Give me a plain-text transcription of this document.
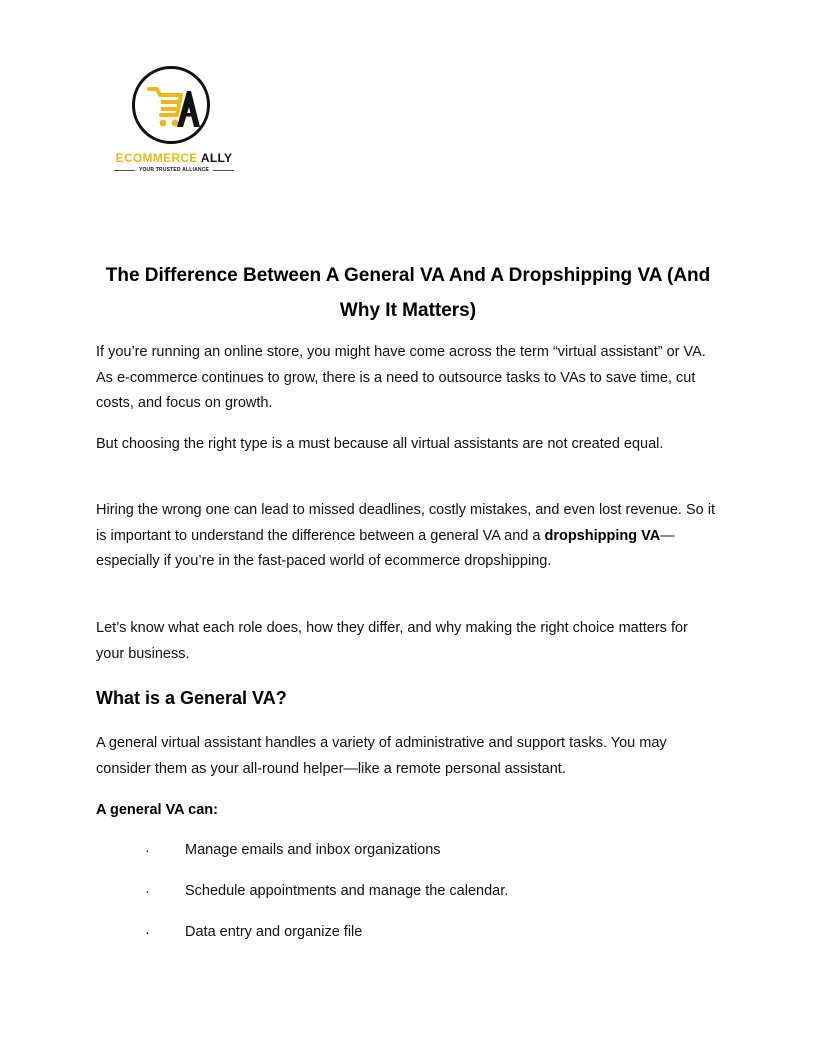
ECOMMERCE ALLY
YOUR TRUSTED ALLIANCE
The Difference Between A General VA And A Dropshipping VA (And Why It Matters)

If you’re running an online store, you might have come across the term “virtual assistant” or VA. As e-commerce continues to grow, there is a need to outsource tasks to VAs to save time, cut costs, and focus on growth.

But choosing the right type is a must because all virtual assistants are not created equal.

Hiring the wrong one can lead to missed deadlines, costly mistakes, and even lost revenue. So it is important to understand the difference between a general VA and a dropshipping VA—especially if you’re in the fast-paced world of ecommerce dropshipping.

Let’s know what each role does, how they differ, and why making the right choice matters for your business.

What is a General VA?

A general virtual assistant handles a variety of administrative and support tasks. You may consider them as your all-round helper—like a remote personal assistant.

A general VA can:

· Manage emails and inbox organizations
· Schedule appointments and manage the calendar.
· Data entry and organize file
